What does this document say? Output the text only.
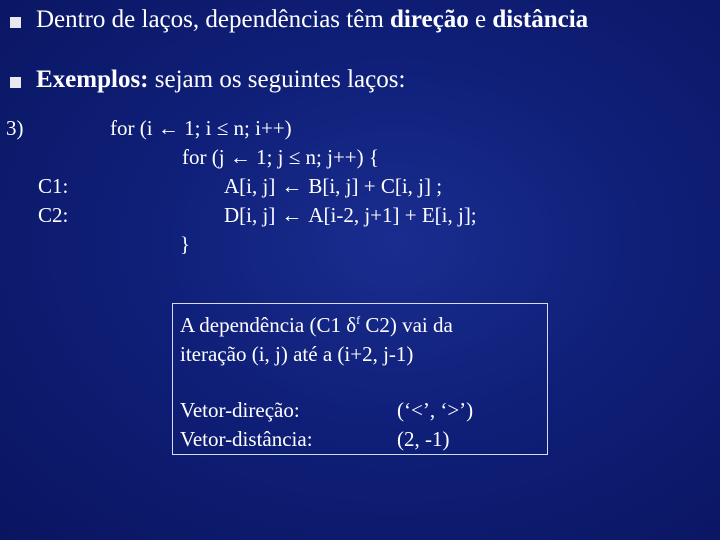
Dentro de laços, dependências têm direção e distância
Exemplos: sejam os seguintes laços:
3)	for (i ← 1; i ≤ n; i++)
for (j ← 1; j ≤ n; j++) {
C1:	A[i, j] ← B[i, j] + C[i, j] ;
C2:	D[i, j] ← A[i-2, j+1] + E[i, j];
}
A dependência (C1 $\delta^f$ C2) vai da
iteração (i, j) até a (i+2, j-1)
Vetor-direção:	(‘<’, ‘>’)
Vetor-distância:	(2, -1)
